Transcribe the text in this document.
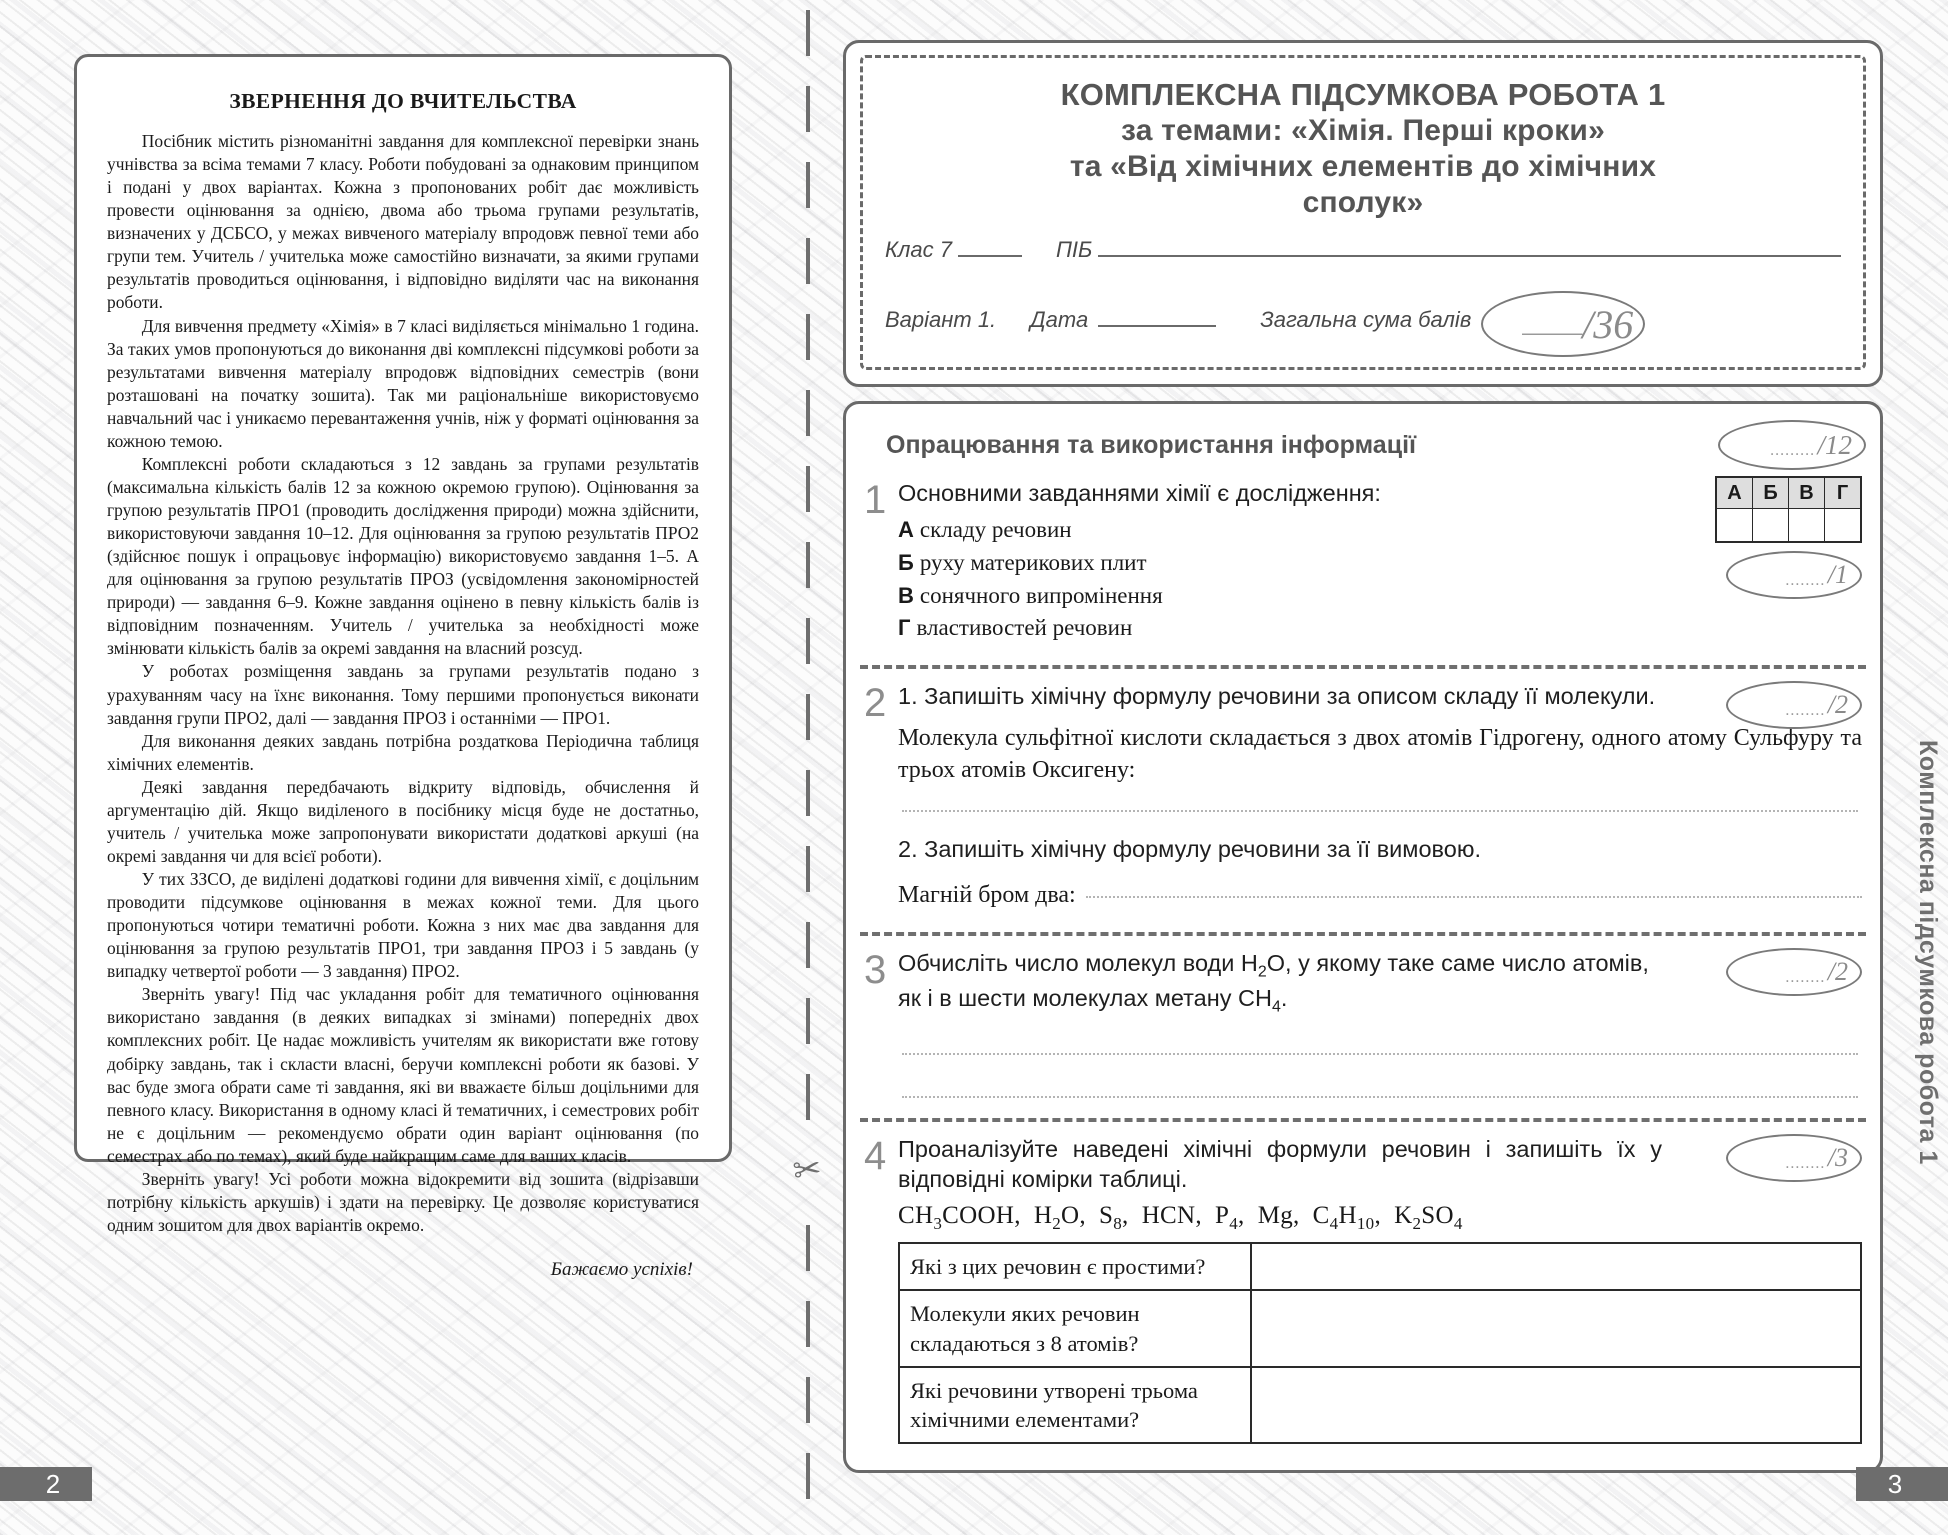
ЗВЕРНЕННЯ ДО ВЧИТЕЛЬСТВА

Посібник містить різноманітні завдання для комплексної перевірки знань учнівства за всіма темами 7 класу. Роботи побудовані за однаковим принципом і подані у двох варіантах. Кожна з пропонованих робіт дає можливість провести оцінювання за однією, двома або трьома групами результатів, визначених у ДСБСО, у межах вивченого матеріалу впродовж певної теми або групи тем. Учитель / учителька може самостійно визначати, за якими групами результатів проводиться оцінювання, і відповідно виділяти час на виконання роботи.

Для вивчення предмету «Хімія» в 7 класі виділяється мінімально 1 година. За таких умов пропонуються до виконання дві комплексні підсумкові роботи за результатами вивчення матеріалу впродовж відповідних семестрів (вони розташовані на початку зошита). Так ми раціональніше використовуємо навчальний час і уникаємо перевантаження учнів, ніж у форматі оцінювання за кожною темою.

Комплексні роботи складаються з 12 завдань за групами результатів (максимальна кількість балів 12 за кожною окремою групою). Оцінювання за групою результатів ПРО1 (проводить дослідження природи) можна здійснити, використовуючи завдання 10–12. Для оцінювання за групою результатів ПРО2 (здійснює пошук і опрацьовує інформацію) використовуємо завдання 1–5. А для оцінювання за групою результатів ПРОЗ (усвідомлення закономірностей природи) — завдання 6–9. Кожне завдання оцінено в певну кількість балів із відповідним позначенням. Учитель / учителька за необхідності може змінювати кількість балів за окремі завдання на власний розсуд.

У роботах розміщення завдань за групами результатів подано з урахуванням часу на їхнє виконання. Тому першими пропонується виконати завдання групи ПРО2, далі — завдання ПРОЗ і останніми — ПРО1.

Для виконання деяких завдань потрібна роздаткова Періодична таблиця хімічних елементів.

Деякі завдання передбачають відкриту відповідь, обчислення й аргументацію дій. Якщо виділеного в посібнику місця буде не достатньо, учитель / учителька може запропонувати використати додаткові аркуші (на окремі завдання чи для всієї роботи).

У тих ЗЗСО, де виділені додаткові години для вивчення хімії, є доцільним проводити підсумкове оцінювання в межах кожної теми. Для цього пропонуються чотири тематичні роботи. Кожна з них має два завдання для оцінювання за групою результатів ПРО1, три завдання ПРОЗ і 5 завдань (у випадку четвертої роботи — 3 завдання) ПРО2.

Зверніть увагу! Під час укладання робіт для тематичного оцінювання використано завдання (в деяких випадках зі змінами) попередніх двох комплексних робіт. Це надає можливість учителям як використати вже готову добірку завдань, так і скласти власні, беручи комплексні роботи як базові. У вас буде змога обрати саме ті завдання, які ви вважаєте більш доцільними для певного класу. Використання в одному класі й тематичних, і семестрових робіт не є доцільним — рекомендуємо обрати один варіант оцінювання (по семестрах або по темах), який буде найкращим саме для ваших класів.

Зверніть увагу! Усі роботи можна відокремити від зошита (відрізавши потрібну кількість аркушів) і здати на перевірку. Це дозволяє користуватися одним зошитом для двох варіантів окремо.

Бажаємо успіхів!
2
✂
КОМПЛЕКСНА ПІДСУМКОВА РОБОТА 1
за темами: «Хімія. Перші кроки»
та «Від хімічних елементів до хімічних
сполук»
Клас 7	ПІБ
Варіант 1. Дата	Загальна сума балів ____ /36
Опрацювання та використання інформації	......... /12
1 Основними завданнями хімії є дослідження:
А складу речовин
Б руху материкових плит
В сонячного випромінення
Г властивостей речовин
А	Б	В	Г

........ /1
2 1. Запишіть хімічну формулу речовини за описом складу її молекули.
Молекула сульфітної кислоти складається з двох атомів Гідрогену, одного атому Сульфуру та трьох атомів Оксигену:
2. Запишіть хімічну формулу речовини за її вимовою.
Магній бром два:
........ /2
3 Обчисліть число молекул води $H_2O$, у якому таке саме число атомів, як і в шести молекулах метану $CH_4$.
........ /2
4 Проаналізуйте наведені хімічні формули речовин і запишіть їх у відповідні комірки таблиці.
$CH_3COOH$,  $H_2O$,  $S_8$,  HCN,  $P_4$,  Mg,  $C_4H_{10}$,  $K_2SO_4$
Які з цих речовин є простими?	
Молекули яких речовин складаються з 8 атомів?	
Які речовини утворені трьома хімічними елементами?	
........ /3	Комплексна підсумкова робота 1
3
